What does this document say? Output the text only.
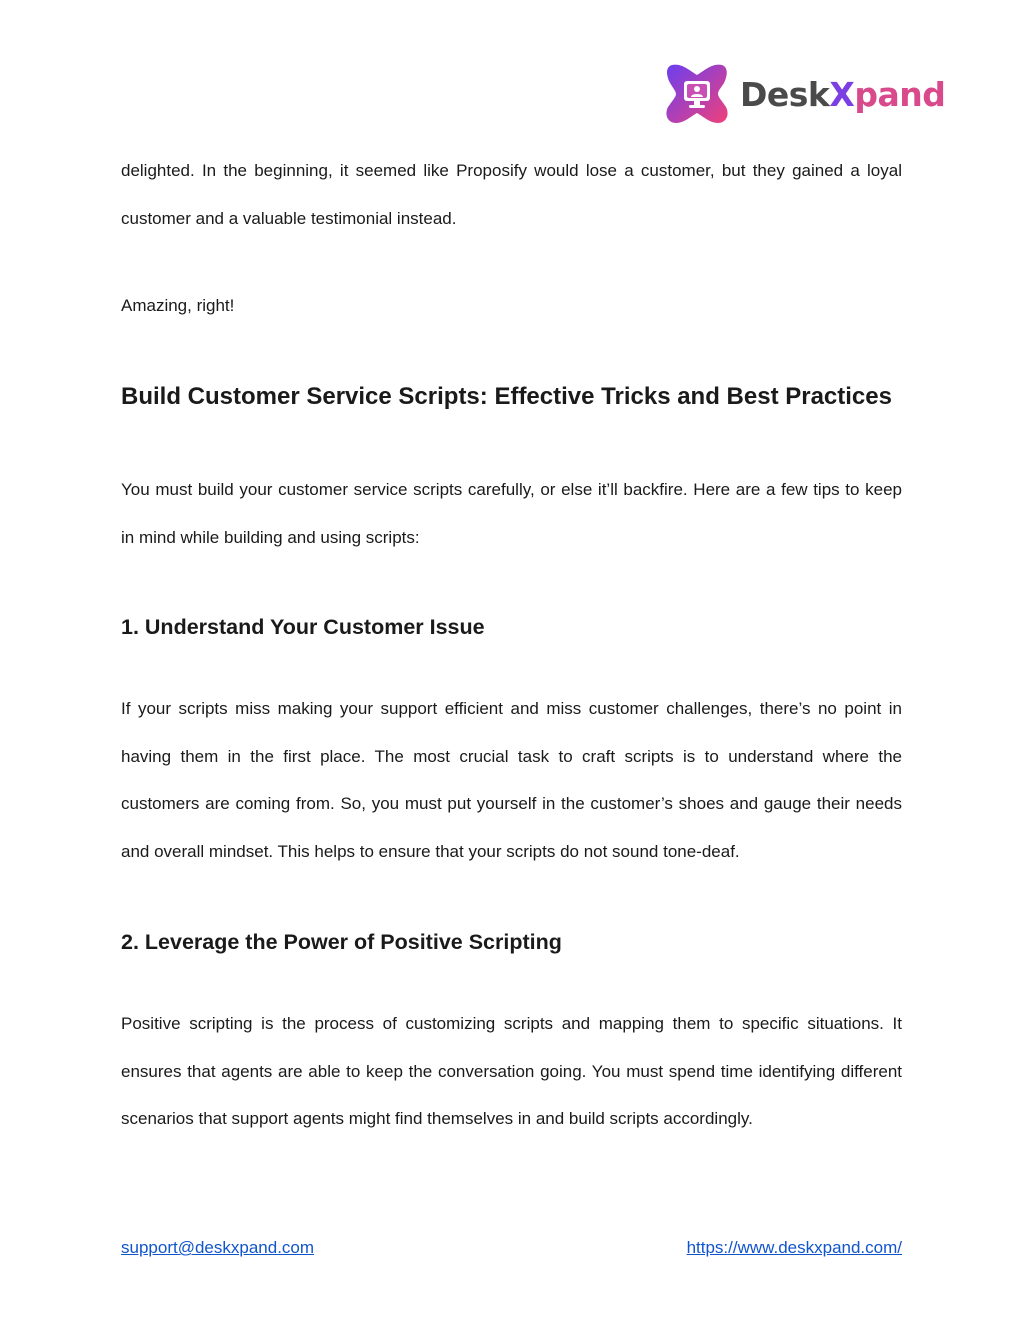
DeskXpand

delighted. In the beginning, it seemed like Proposify would lose a customer, but they gained a loyal customer and a valuable testimonial instead.

Amazing, right!

Build Customer Service Scripts: Effective Tricks and Best Practices

You must build your customer service scripts carefully, or else it’ll backfire. Here are a few tips to keep in mind while building and using scripts:

1. Understand Your Customer Issue

If your scripts miss making your support efficient and miss customer challenges, there’s no point in having them in the first place. The most crucial task to craft scripts is to understand where the customers are coming from. So, you must put yourself in the customer’s shoes and gauge their needs and overall mindset. This helps to ensure that your scripts do not sound tone-deaf.

2. Leverage the Power of Positive Scripting

Positive scripting is the process of customizing scripts and mapping them to specific situations. It ensures that agents are able to keep the conversation going. You must spend time identifying different scenarios that support agents might find themselves in and build scripts accordingly.

support@deskxpand.com	https://www.deskxpand.com/
